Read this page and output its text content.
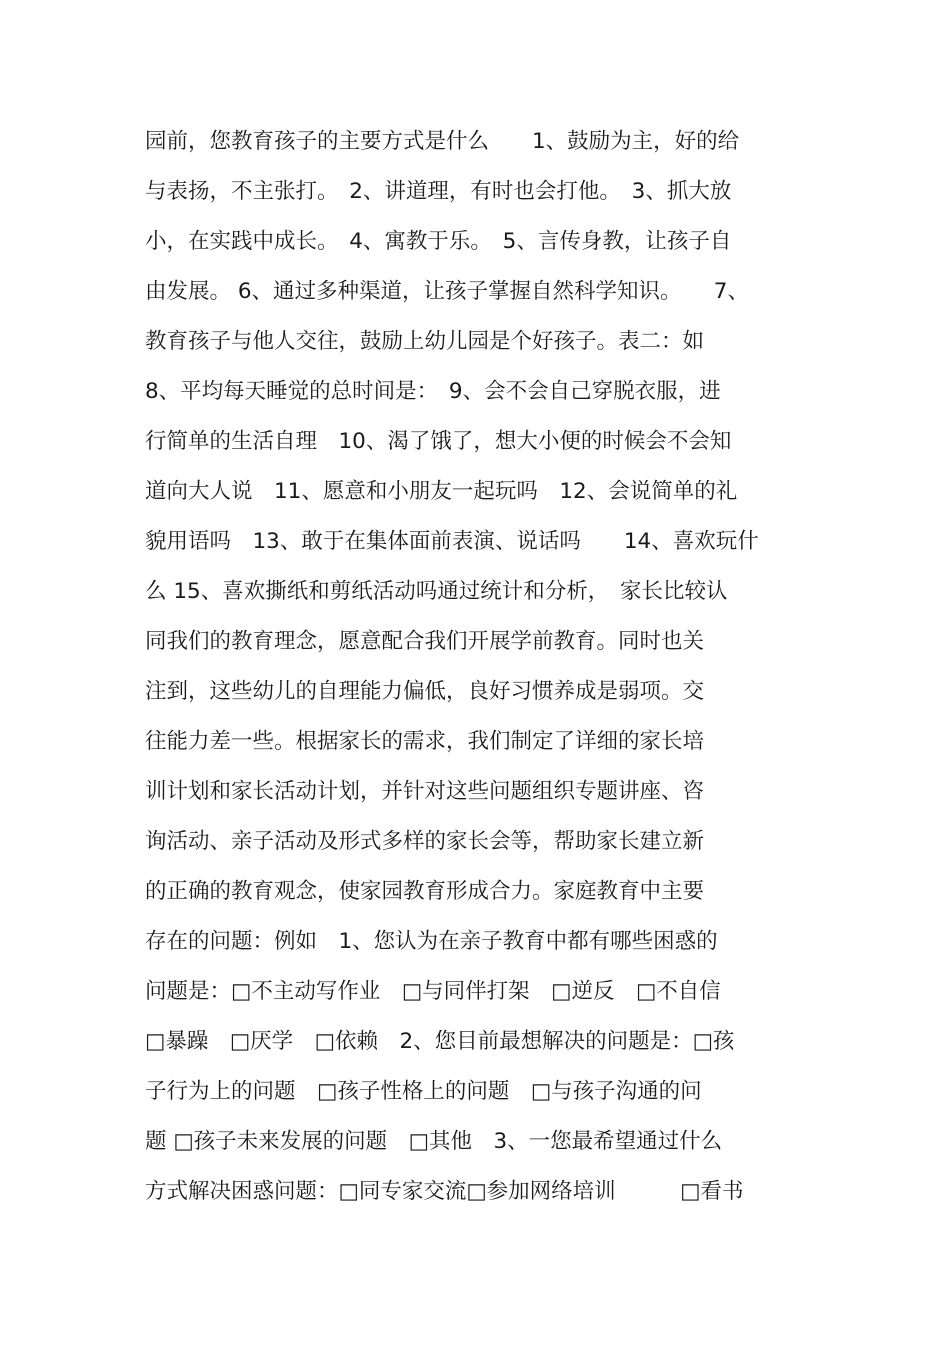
园前，您教育孩子的主要方式是什么　　1、鼓励为主，好的给
与表扬，不主张打。　2、讲道理，有时也会打他。　3、抓大放
小，在实践中成长。　4、寓教于乐。　5、言传身教，让孩子自
由发展。 6、通过多种渠道，让孩子掌握自然科学知识。　　7、
教育孩子与他人交往，鼓励上幼儿园是个好孩子。表二：如
8、平均每天睡觉的总时间是：　9、会不会自己穿脱衣服，进
行简单的生活自理　10、渴了饿了，想大小便的时候会不会知
道向大人说　11、愿意和小朋友一起玩吗　12、会说简单的礼
貌用语吗　13、敢于在集体面前表演、说话吗　　14、喜欢玩什
么 15、喜欢撕纸和剪纸活动吗通过统计和分析，　家长比较认
同我们的教育理念，愿意配合我们开展学前教育。同时也关
注到，这些幼儿的自理能力偏低，良好习惯养成是弱项。交
往能力差一些。根据家长的需求，我们制定了详细的家长培
训计划和家长活动计划，并针对这些问题组织专题讲座、咨
询活动、亲子活动及形式多样的家长会等，帮助家长建立新
的正确的教育观念，使家园教育形成合力。家庭教育中主要
存在的问题：例如　1、您认为在亲子教育中都有哪些困惑的
问题是：□不主动写作业　□与同伴打架　□逆反　□不自信
□暴躁　□厌学　□依赖　2、您目前最想解决的问题是：□孩
子行为上的问题　□孩子性格上的问题　□与孩子沟通的问
题 □孩子未来发展的问题　□其他　3、一您最希望通过什么
方式解决困惑问题：□同专家交流□参加网络培训　　　□看书
